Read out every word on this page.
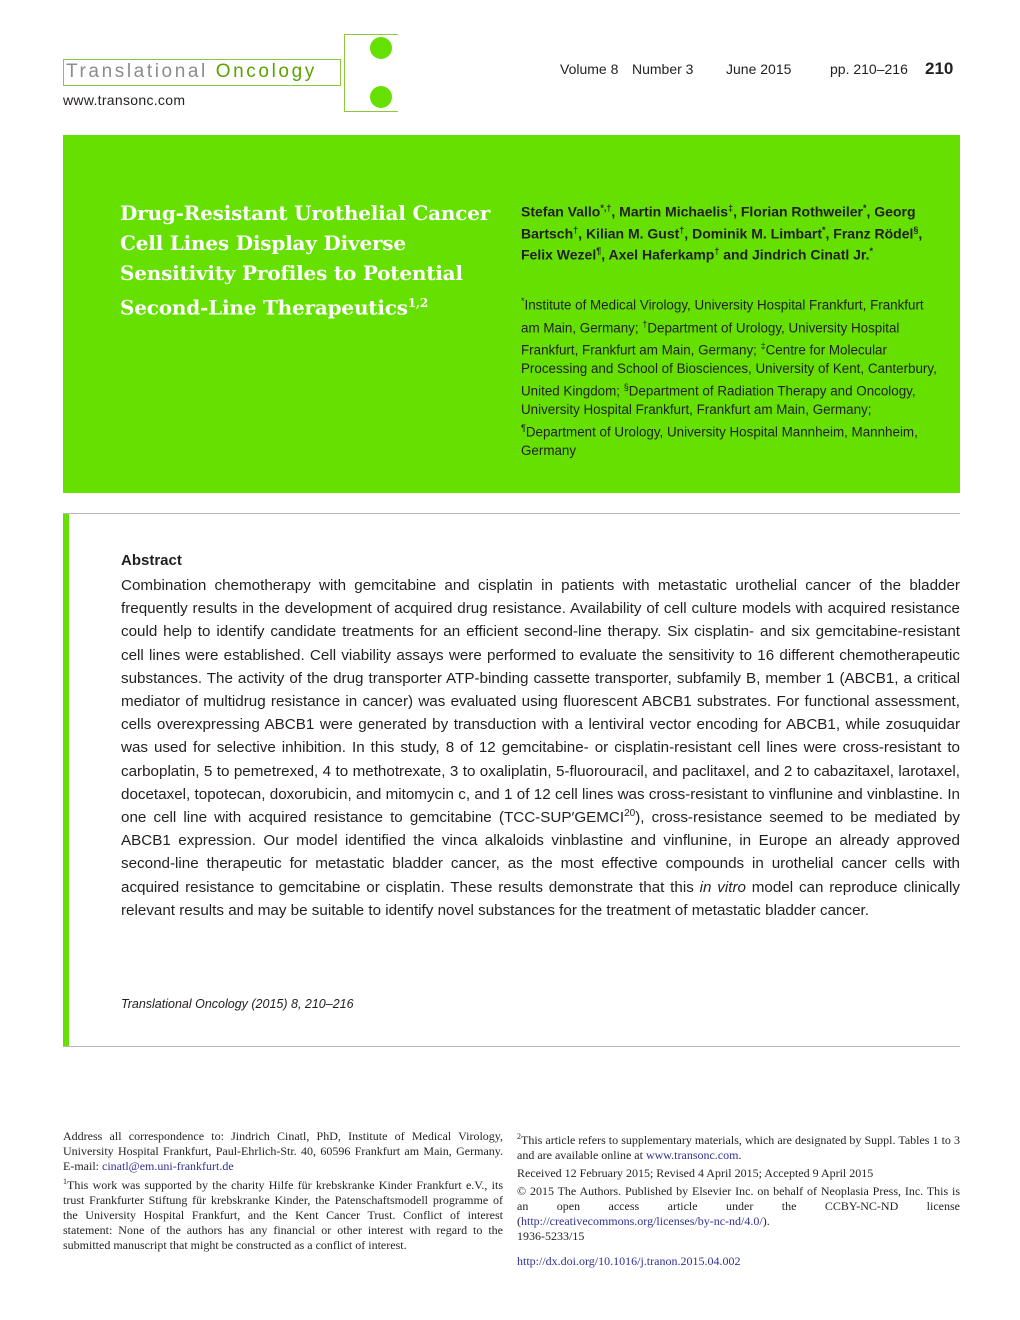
Translational Oncology
www.transonc.com
Volume 8 Number 3 June 2015	pp. 210–216 210
Drug-Resistant Urothelial Cancer Cell Lines Display Diverse Sensitivity Profiles to Potential Second-Line Therapeutics$^{1,2}$

Stefan Vallo*,†, Martin Michaelis‡, Florian Rothweiler*, Georg Bartsch†, Kilian M. Gust†, Dominik M. Limbart*, Franz Rödel§, Felix Wezel¶, Axel Haferkamp† and Jindrich Cinatl Jr.*

*Institute of Medical Virology, University Hospital Frankfurt, Frankfurt am Main, Germany; †Department of Urology, University Hospital Frankfurt, Frankfurt am Main, Germany; ‡Centre for Molecular Processing and School of Biosciences, University of Kent, Canterbury, United Kingdom; §Department of Radiation Therapy and Oncology, University Hospital Frankfurt, Frankfurt am Main, Germany; ¶Department of Urology, University Hospital Mannheim, Mannheim, Germany

Abstract

Combination chemotherapy with gemcitabine and cisplatin in patients with metastatic urothelial cancer of the bladder frequently results in the development of acquired drug resistance. Availability of cell culture models with acquired resistance could help to identify candidate treatments for an efficient second-line therapy. Six cisplatin- and six gemcitabine-resistant cell lines were established. Cell viability assays were performed to evaluate the sensitivity to 16 different chemotherapeutic substances. The activity of the drug transporter ATP-binding cassette transporter, subfamily B, member 1 (ABCB1, a critical mediator of multidrug resistance in cancer) was evaluated using fluorescent ABCB1 substrates. For functional assessment, cells overexpressing ABCB1 were generated by transduction with a lentiviral vector encoding for ABCB1, while zosuquidar was used for selective inhibition. In this study, 8 of 12 gemcitabine- or cisplatin-resistant cell lines were cross-resistant to carboplatin, 5 to pemetrexed, 4 to methotrexate, 3 to oxaliplatin, 5-fluorouracil, and paclitaxel, and 2 to cabazitaxel, larotaxel, docetaxel, topotecan, doxorubicin, and mitomycin c, and 1 of 12 cell lines was cross-resistant to vinflunine and vinblastine. In one cell line with acquired resistance to gemcitabine (TCC-SUP′GEMCI$^{20}$), cross-resistance seemed to be mediated by ABCB1 expression. Our model identified the vinca alkaloids vinblastine and vinflunine, in Europe an already approved second-line therapeutic for metastatic bladder cancer, as the most effective compounds in urothelial cancer cells with acquired resistance to gemcitabine or cisplatin. These results demonstrate that this in vitro model can reproduce clinically relevant results and may be suitable to identify novel substances for the treatment of metastatic bladder cancer.

Translational Oncology (2015) 8, 210–216

Address all correspondence to: Jindrich Cinatl, PhD, Institute of Medical Virology, University Hospital Frankfurt, Paul-Ehrlich-Str. 40, 60596 Frankfurt am Main, Germany. E-mail: cinatl@em.uni-frankfurt.de

$^1$This work was supported by the charity Hilfe für krebskranke Kinder Frankfurt e.V., its trust Frankfurter Stiftung für krebskranke Kinder, the Patenschaftsmodell programme of the University Hospital Frankfurt, and the Kent Cancer Trust. Conflict of interest statement: None of the authors has any financial or other interest with regard to the submitted manuscript that might be constructed as a conflict of interest.

$^2$This article refers to supplementary materials, which are designated by Suppl. Tables 1 to 3 and are available online at www.transonc.com.

Received 12 February 2015; Revised 4 April 2015; Accepted 9 April 2015

© 2015 The Authors. Published by Elsevier Inc. on behalf of Neoplasia Press, Inc. This is an open access article under the CCBY-NC-ND license (http://creativecommons.org/licenses/by-nc-nd/4.0/).

1936-5233/15

http://dx.doi.org/10.1016/j.tranon.2015.04.002
